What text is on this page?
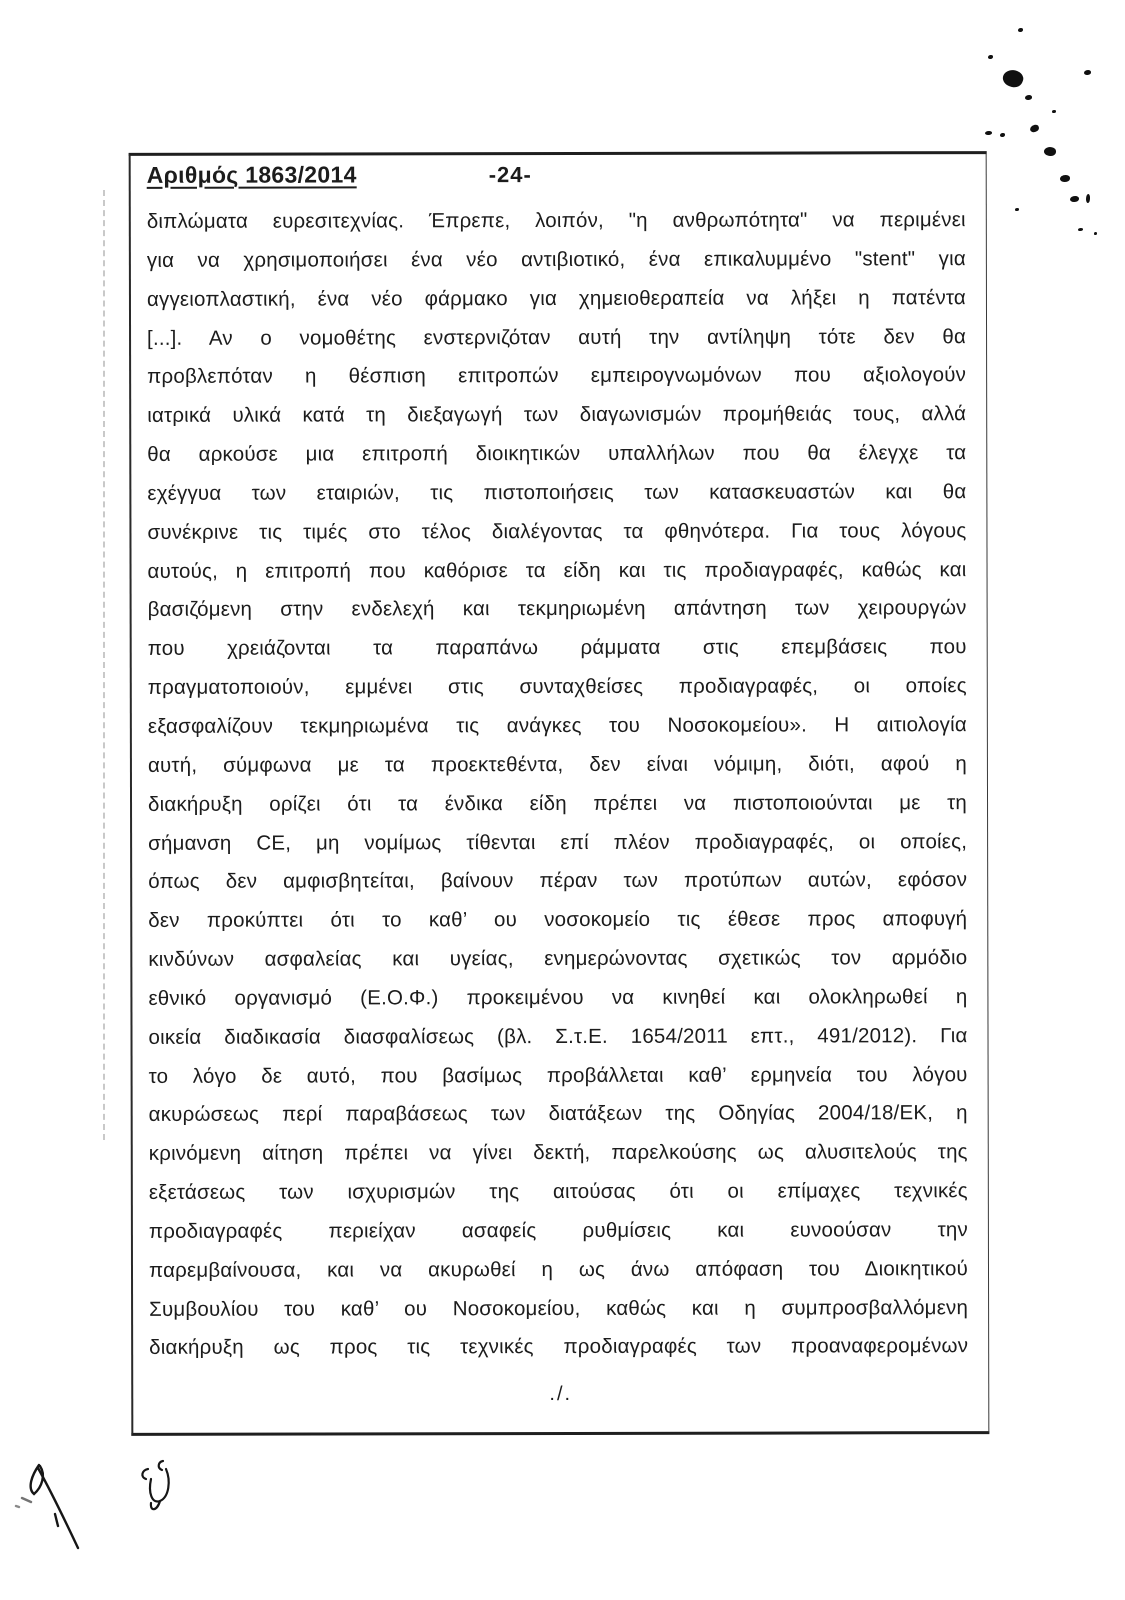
Αριθμός 1863/2014	-24-
διπλώματα ευρεσιτεχνίας. Έπρεπε, λοιπόν, "η ανθρωπότητα" να περιμένει
για να χρησιμοποιήσει ένα νέο αντιβιοτικό, ένα επικαλυμμένο "stent" για
αγγειοπλαστική, ένα νέο φάρμακο για χημειοθεραπεία να λήξει η πατέντα
[...]. Αν ο νομοθέτης ενστερνιζόταν αυτή την αντίληψη τότε δεν θα
προβλεπόταν η θέσπιση επιτροπών εμπειρογνωμόνων που αξιολογούν
ιατρικά υλικά κατά τη διεξαγωγή των διαγωνισμών προμήθειάς τους, αλλά
θα αρκούσε μια επιτροπή διοικητικών υπαλλήλων που θα έλεγχε τα
εχέγγυα των εταιριών, τις πιστοποιήσεις των κατασκευαστών και θα
συνέκρινε τις τιμές στο τέλος διαλέγοντας τα φθηνότερα. Για τους λόγους
αυτούς, η επιτροπή που καθόρισε τα είδη και τις προδιαγραφές, καθώς και
βασιζόμενη στην ενδελεχή και τεκμηριωμένη απάντηση των χειρουργών
που χρειάζονται τα παραπάνω ράμματα στις επεμβάσεις που
πραγματοποιούν, εμμένει στις συνταχθείσες προδιαγραφές, οι οποίες
εξασφαλίζουν τεκμηριωμένα τις ανάγκες του Νοσοκομείου». Η αιτιολογία
αυτή, σύμφωνα με τα προεκτεθέντα, δεν είναι νόμιμη, διότι, αφού η
διακήρυξη ορίζει ότι τα ένδικα είδη πρέπει να πιστοποιούνται με τη
σήμανση CE, μη νομίμως τίθενται επί πλέον προδιαγραφές, οι οποίες,
όπως δεν αμφισβητείται, βαίνουν πέραν των προτύπων αυτών, εφόσον
δεν προκύπτει ότι το καθ’ ου νοσοκομείο τις έθεσε προς αποφυγή
κινδύνων ασφαλείας και υγείας, ενημερώνοντας σχετικώς τον αρμόδιο
εθνικό οργανισμό (Ε.Ο.Φ.) προκειμένου να κινηθεί και ολοκληρωθεί η
οικεία διαδικασία διασφαλίσεως (βλ. Σ.τ.Ε. 1654/2011 επτ., 491/2012). Για
το λόγο δε αυτό, που βασίμως προβάλλεται καθ’ ερμηνεία του λόγου
ακυρώσεως περί παραβάσεως των διατάξεων της Οδηγίας 2004/18/ΕΚ, η
κρινόμενη αίτηση πρέπει να γίνει δεκτή, παρελκούσης ως αλυσιτελούς της
εξετάσεως των ισχυρισμών της αιτούσας ότι οι επίμαχες τεχνικές
προδιαγραφές περιείχαν ασαφείς ρυθμίσεις και ευνοούσαν την
παρεμβαίνουσα, και να ακυρωθεί η ως άνω απόφαση του Διοικητικού
Συμβουλίου του καθ’ ου Νοσοκομείου, καθώς και η συμπροσβαλλόμενη
διακήρυξη ως προς τις τεχνικές προδιαγραφές των προαναφερομένων
./.
